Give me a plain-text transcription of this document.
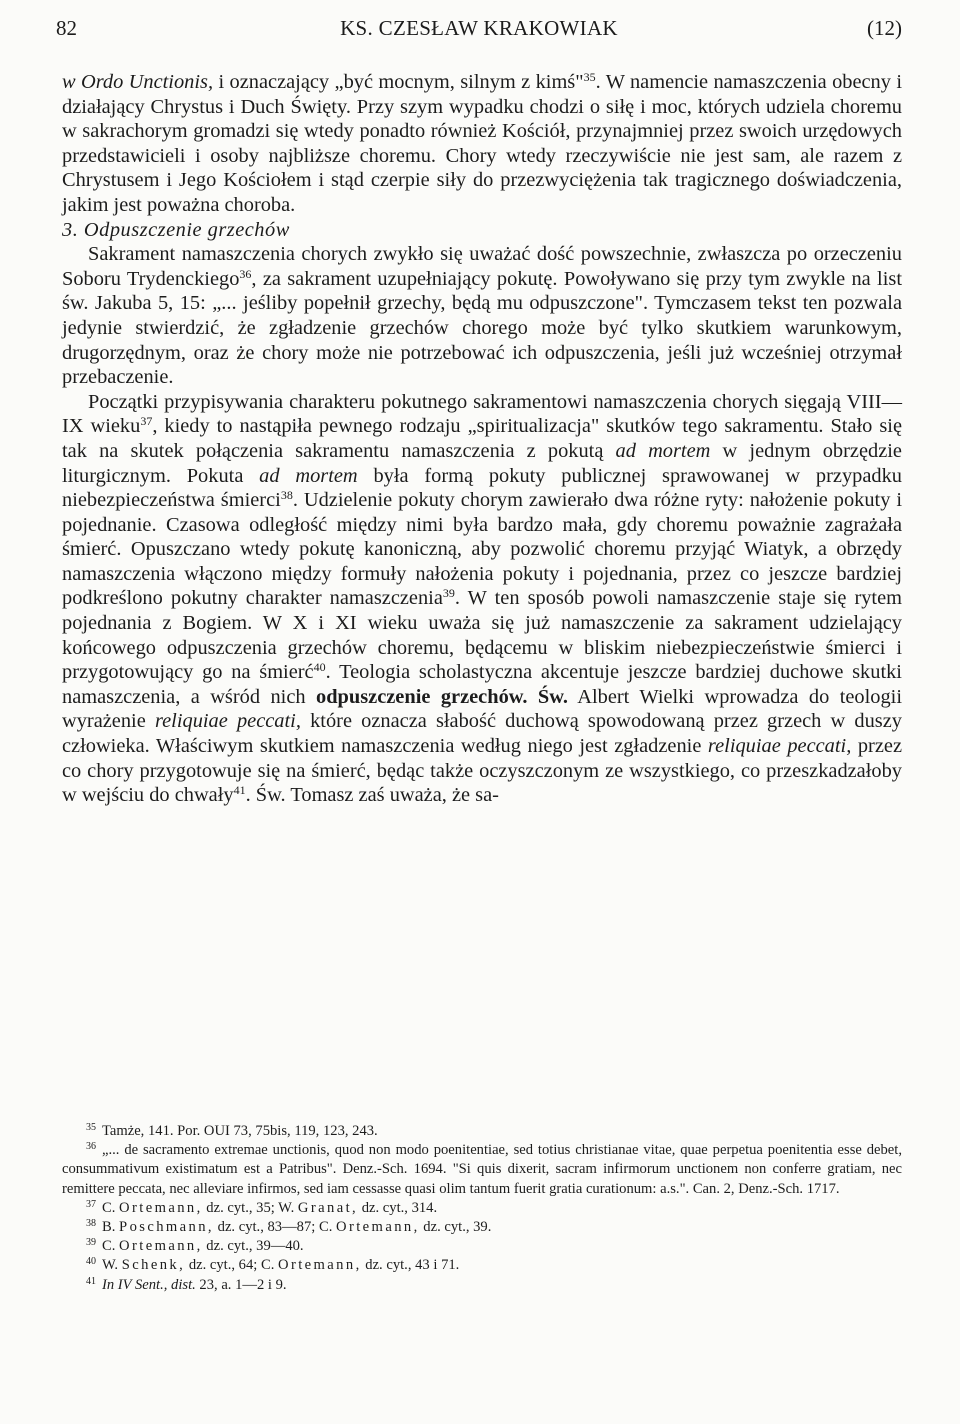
82	KS. CZESŁAW KRAKOWIAK	(12)

w Ordo Unctionis, i oznaczający „być mocnym, silnym z kimś"$^{35}$. W namencie namaszczenia obecny i działający Chrystus i Duch Święty. Przy szym wypadku chodzi o siłę i moc, których udziela choremu w sakrachorym gromadzi się wtedy ponadto również Kościół, przynajmniej przez swoich urzędowych przedstawicieli i osoby najbliższe choremu. Chory wtedy rzeczywiście nie jest sam, ale razem z Chrystusem i Jego Kościołem i stąd czerpie siły do przezwyciężenia tak tragicznego doświadczenia, jakim jest poważna choroba.

3. Odpuszczenie grzechów

Sakrament namaszczenia chorych zwykło się uważać dość powszechnie, zwłaszcza po orzeczeniu Soboru Trydenckiego$^{36}$, za sakrament uzupełniający pokutę. Powoływano się przy tym zwykle na list św. Jakuba 5, 15: „... jeśliby popełnił grzechy, będą mu odpuszczone". Tymczasem tekst ten pozwala jedynie stwierdzić, że zgładzenie grzechów chorego może być tylko skutkiem warunkowym, drugorzędnym, oraz że chory może nie potrzebować ich odpuszczenia, jeśli już wcześniej otrzymał przebaczenie.

Początki przypisywania charakteru pokutnego sakramentowi namaszczenia chorych sięgają VIII—IX wieku$^{37}$, kiedy to nastąpiła pewnego rodzaju „spiritualizacja" skutków tego sakramentu. Stało się tak na skutek połączenia sakramentu namaszczenia z pokutą ad mortem w jednym obrzędzie liturgicznym. Pokuta ad mortem była formą pokuty publicznej sprawowanej w przypadku niebezpieczeństwa śmierci$^{38}$. Udzielenie pokuty chorym zawierało dwa różne ryty: nałożenie pokuty i pojednanie. Czasowa odległość między nimi była bardzo mała, gdy choremu poważnie zagrażała śmierć. Opuszczano wtedy pokutę kanoniczną, aby pozwolić choremu przyjąć Wiatyk, a obrzędy namaszczenia włączono między formuły nałożenia pokuty i pojednania, przez co jeszcze bardziej podkreślono pokutny charakter namaszczenia$^{39}$. W ten sposób powoli namaszczenie staje się rytem pojednania z Bogiem. W X i XI wieku uważa się już namaszczenie za sakrament udzielający końcowego odpuszczenia grzechów choremu, będącemu w bliskim niebezpieczeństwie śmierci i przygotowujący go na śmierć$^{40}$. Teologia scholastyczna akcentuje jeszcze bardziej duchowe skutki namaszczenia, a wśród nich odpuszczenie grzechów. Św. Albert Wielki wprowadza do teologii wyrażenie reliquiae peccati, które oznacza słabość duchową spowodowaną przez grzech w duszy człowieka. Właściwym skutkiem namaszczenia według niego jest zgładzenie reliquiae peccati, przez co chory przygotowuje się na śmierć, będąc także oczyszczonym ze wszystkiego, co przeszkadzałoby w wejściu do chwały$^{41}$. Św. Tomasz zaś uważa, że sa-

$^{35}$ Tamże, 141. Por. OUI 73, 75bis, 119, 123, 243.

$^{36}$ „... de sacramento extremae unctionis, quod non modo poenitentiae, sed totius christianae vitae, quae perpetua poenitentia esse debet, consummativum existimatum est a Patribus". Denz.-Sch. 1694. "Si quis dixerit, sacram infirmorum unctionem non conferre gratiam, nec remittere peccata, nec alleviare infirmos, sed iam cessasse quasi olim tantum fuerit gratia curationum: a.s.". Can. 2, Denz.-Sch. 1717.

$^{37}$ C. Ortemann, dz. cyt., 35; W. Granat, dz. cyt., 314.

$^{38}$ B. Poschmann, dz. cyt., 83—87; C. Ortemann, dz. cyt., 39.

$^{39}$ C. Ortemann, dz. cyt., 39—40.

$^{40}$ W. Schenk, dz. cyt., 64; C. Ortemann, dz. cyt., 43 i 71.

$^{41}$ In IV Sent., dist. 23, a. 1—2 i 9.
